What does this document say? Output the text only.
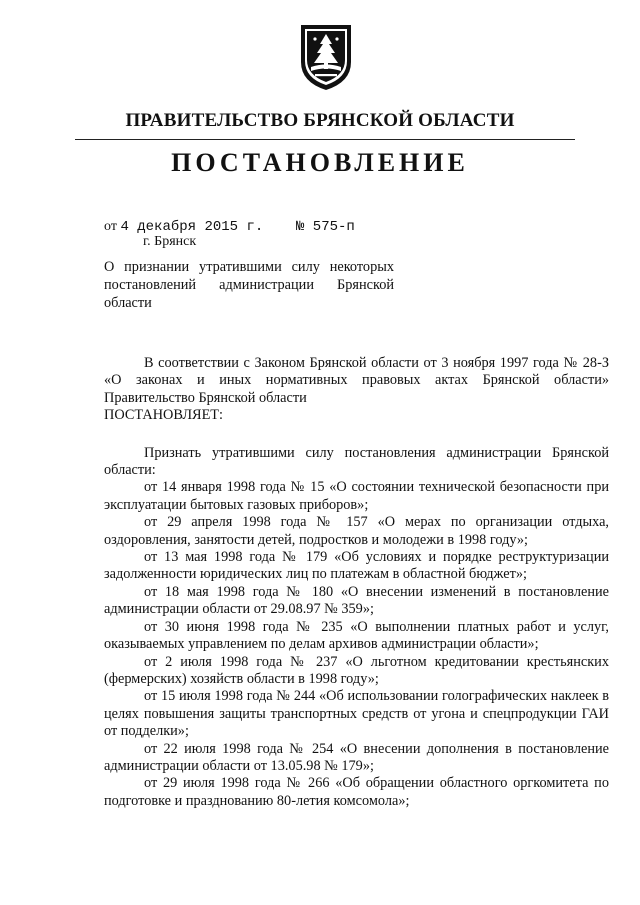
ПРАВИТЕЛЬСТВО БРЯНСКОЙ ОБЛАСТИ
ПОСТАНОВЛЕНИЕ
от 4 декабря 2015 г. № 575-п
г. Брянск
О признании утратившими силу некоторых постановлений администрации Брянской области

В соответствии с Законом Брянской области от 3 ноября 1997 года № 28-З «О законах и иных нормативных правовых актах Брянской области» Правительство Брянской области

ПОСТАНОВЛЯЕТ:

Признать утратившими силу постановления администрации Брянской области:

от 14 января 1998 года № 15 «О состоянии технической безопасности при эксплуатации бытовых газовых приборов»;

от 29 апреля 1998 года № 157 «О мерах по организации отдыха, оздоровления, занятости детей, подростков и молодежи в 1998 году»;

от 13 мая 1998 года № 179 «Об условиях и порядке реструктуризации задолженности юридических лиц по платежам в областной бюджет»;

от 18 мая 1998 года № 180 «О внесении изменений в постановление администрации области от 29.08.97 № 359»;

от 30 июня 1998 года № 235 «О выполнении платных работ и услуг, оказываемых управлением по делам архивов администрации области»;

от 2 июля 1998 года № 237 «О льготном кредитовании крестьянских (фермерских) хозяйств области в 1998 году»;

от 15 июля 1998 года № 244 «Об использовании голографических наклеек в целях повышения защиты транспортных средств от угона и спецпродукции ГАИ от подделки»;

от 22 июля 1998 года № 254 «О внесении дополнения в постановление администрации области от 13.05.98 № 179»;

от 29 июля 1998 года № 266 «Об обращении областного оргкомитета по подготовке и празднованию 80-летия комсомола»;
